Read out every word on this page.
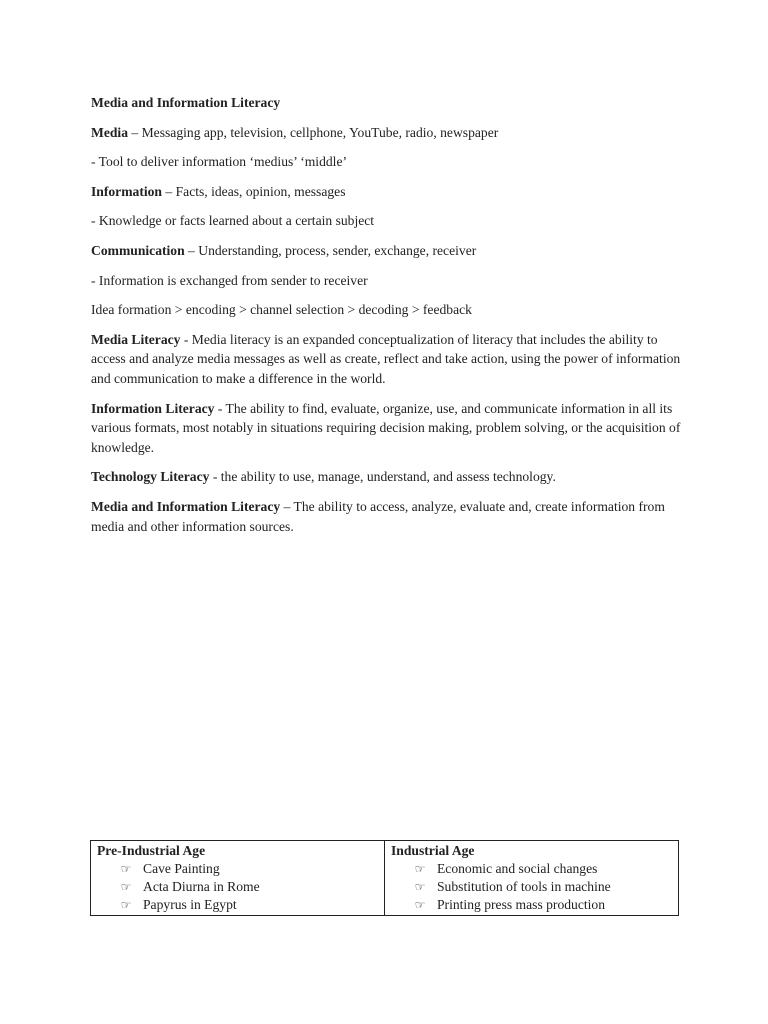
Media and Information Literacy

Media – Messaging app, television, cellphone, YouTube, radio, newspaper

- Tool to deliver information ‘medius’ ‘middle’

Information – Facts, ideas, opinion, messages

- Knowledge or facts learned about a certain subject

Communication – Understanding, process, sender, exchange, receiver

- Information is exchanged from sender to receiver

Idea formation > encoding > channel selection > decoding > feedback

Media Literacy - Media literacy is an expanded conceptualization of literacy that includes the ability to access and analyze media messages as well as create, reflect and take action, using the power of information and communication to make a difference in the world.

Information Literacy - The ability to find, evaluate, organize, use, and communicate information in all its various formats, most notably in situations requiring decision making, problem solving, or the acquisition of knowledge.

Technology Literacy - the ability to use, manage, understand, and assess technology.

Media and Information Literacy – The ability to access, analyze, evaluate and, create information from media and other information sources.

Pre-Industrial Age
☞ Cave Painting
☞ Acta Diurna in Rome
☞ Papyrus in Egypt

Industrial Age
☞ Economic and social changes
☞ Substitution of tools in machine
☞ Printing press mass production
